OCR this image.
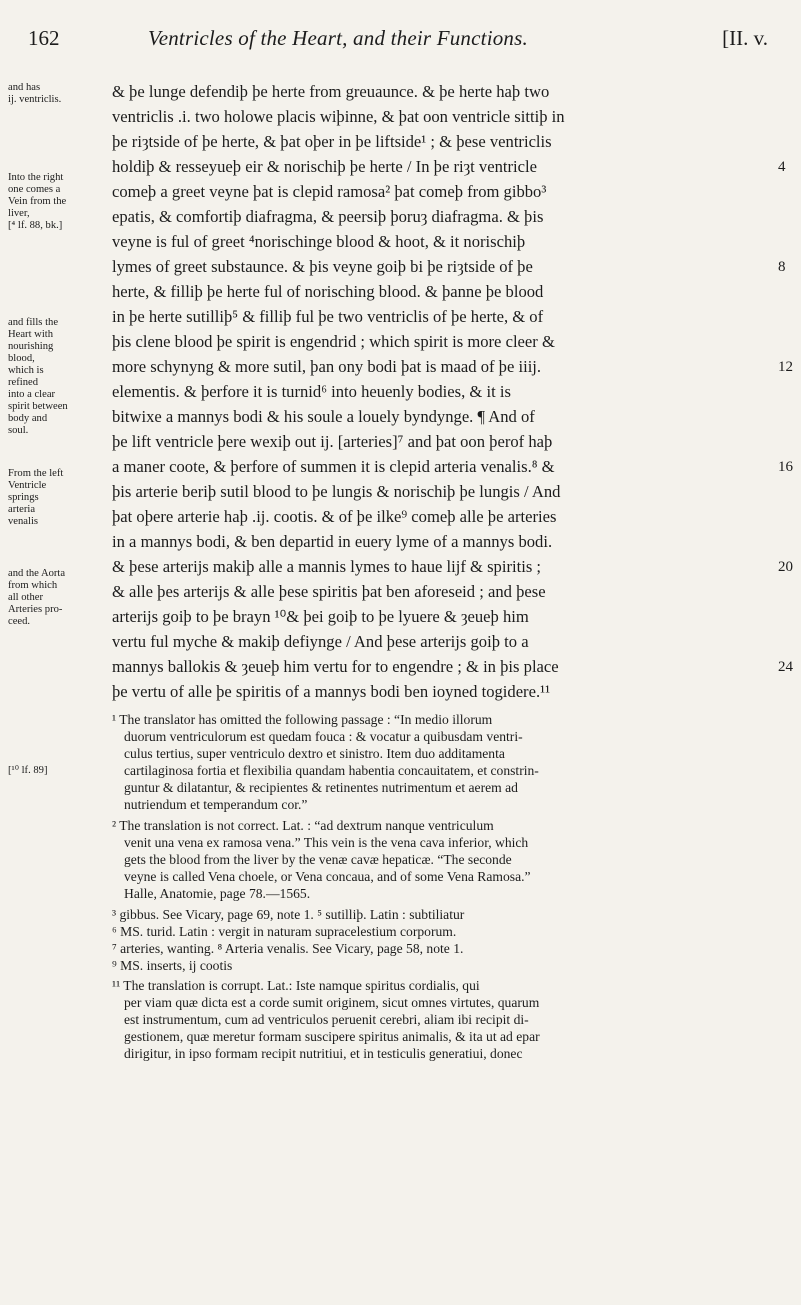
162	Ventricles of the Heart, and their Functions.	[II. v.
and has
ij. ventriclis.
Into the right
one comes a
Vein from the
liver,
[⁴ lf. 88, bk.]
and fills the
Heart with
nourishing
blood,
which is
refined
into a clear
spirit between
body and
soul.
From the left
Ventricle
springs
arteria
venalis
and the Aorta
from which
all other
Arteries pro-
ceed.
[¹⁰ lf. 89]
& þe lunge defendiþ þe herte from greuaunce. & þe herte haþ two
ventriclis .i. two holowe placis wiþinne, & þat oon ventricle sittiþ in
þe riȝtside of þe herte, & þat oþer in þe liftside¹ ; & þese ventriclis
holdiþ & resseyueþ eir & norischiþ þe herte / In þe riȝt ventricle
comeþ a greet veyne þat is clepid ramosa² þat comeþ from gibbo³
epatis, & comfortiþ diafragma, & peersiþ þoruȝ diafragma. & þis
veyne is ful of greet ⁴norischinge blood & hoot, & it norischiþ
lymes of greet substaunce. & þis veyne goiþ bi þe riȝtside of þe
herte, & filliþ þe herte ful of norisching blood. & þanne þe blood
in þe herte sutilliþ⁵ & filliþ ful þe two ventriclis of þe herte, & of
þis clene blood þe spirit is engendrid ; which spirit is more cleer &
more schynyng & more sutil, þan ony bodi þat is maad of þe iiij.
elementis. & þerfore it is turnid⁶ into heuenly bodies, & it is
bitwixe a mannys bodi & his soule a louely byndynge. ¶ And of
þe lift ventricle þere wexiþ out ij. [arteries]⁷ and þat oon þerof haþ
a maner coote, & þerfore of summen it is clepid arteria venalis.⁸ &
þis arterie beriþ sutil blood to þe lungis & norischiþ þe lungis / And
þat oþere arterie haþ .ij. cootis. & of þe ilke⁹ comeþ alle þe arteries
in a mannys bodi, & ben departid in euery lyme of a mannys bodi.
& þese arterijs makiþ alle a mannis lymes to haue lijf & spiritis ;
& alle þes arterijs & alle þese spiritis þat ben aforeseid ; and þese
arterijs goiþ to þe brayn ¹⁰& þei goiþ to þe lyuere & ȝeueþ him
vertu ful myche & makiþ defiynge / And þese arterijs goiþ to a
mannys ballokis & ȝeueþ him vertu for to engendre ; & in þis place
þe vertu of alle þe spiritis of a mannys bodi ben ioyned togidere.¹¹
4
8
12
16
20
24
¹ The translator has omitted the following passage : “In medio illorum
duorum ventriculorum est quedam fouca : & vocatur a quibusdam ventri-
culus tertius, super ventriculo dextro et sinistro. Item duo additamenta
cartilaginosa fortia et flexibilia quandam habentia concauitatem, et constrin-
guntur & dilatantur, & recipientes & retinentes nutrimentum et aerem ad
nutriendum et temperandum cor.”
² The translation is not correct. Lat. : “ad dextrum nanque ventriculum
venit una vena ex ramosa vena.” This vein is the vena cava inferior, which
gets the blood from the liver by the venæ cavæ hepaticæ. “The seconde
veyne is called Vena choele, or Vena concaua, and of some Vena Ramosa.”
Halle, Anatomie, page 78.—1565.
³ gibbus. See Vicary, page 69, note 1. ⁵ sutilliþ. Latin : subtiliatur
⁶ MS. turid. Latin : vergit in naturam supracelestium corporum.
⁷ arteries, wanting. ⁸ Arteria venalis. See Vicary, page 58, note 1.
⁹ MS. inserts, ij cootis
¹¹ The translation is corrupt. Lat.: Iste namque spiritus cordialis, qui
per viam quæ dicta est a corde sumit originem, sicut omnes virtutes, quarum
est instrumentum, cum ad ventriculos peruenit cerebri, aliam ibi recipit di-
gestionem, quæ meretur formam suscipere spiritus animalis, & ita ut ad epar
dirigitur, in ipso formam recipit nutritiui, et in testiculis generatiui, donec
